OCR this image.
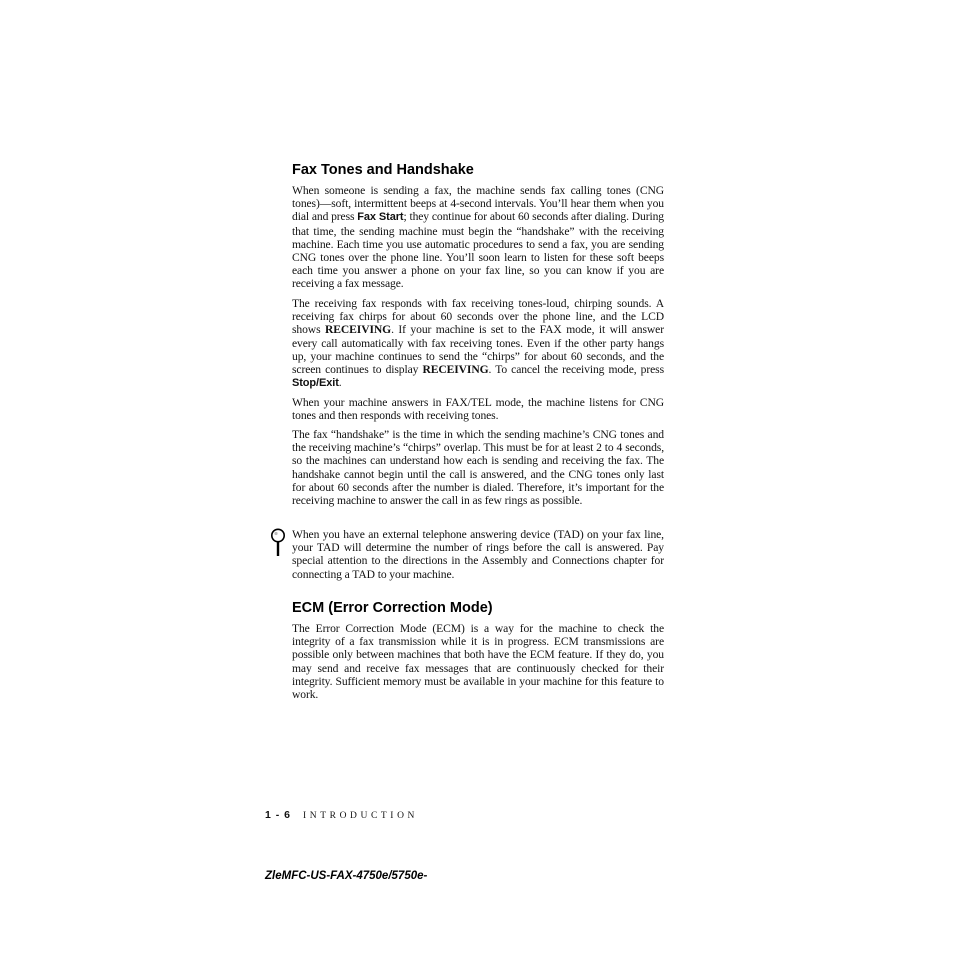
Fax Tones and Handshake

When someone is sending a fax, the machine sends fax calling tones (CNG tones)—soft, intermittent beeps at 4-second intervals. You’ll hear them when you dial and press Fax Start; they continue for about 60 seconds after dialing. During that time, the sending machine must begin the “handshake” with the receiving machine. Each time you use automatic procedures to send a fax, you are sending CNG tones over the phone line. You’ll soon learn to listen for these soft beeps each time you answer a phone on your fax line, so you can know if you are receiving a fax message.

The receiving fax responds with fax receiving tones-loud, chirping sounds. A receiving fax chirps for about 60 seconds over the phone line, and the LCD shows RECEIVING. If your machine is set to the FAX mode, it will answer every call automatically with fax receiving tones. Even if the other party hangs up, your machine continues to send the “chirps” for about 60 seconds, and the screen continues to display RECEIVING. To cancel the receiving mode, press Stop/Exit.

When your machine answers in FAX/TEL mode, the machine listens for CNG tones and then responds with receiving tones.

The fax “handshake” is the time in which the sending machine’s CNG tones and the receiving machine’s “chirps” overlap. This must be for at least 2 to 4 seconds, so the machines can understand how each is sending and receiving the fax. The handshake cannot begin until the call is answered, and the CNG tones only last for about 60 seconds after the number is dialed. Therefore, it’s important for the receiving machine to answer the call in as few rings as possible.

When you have an external telephone answering device (TAD) on your fax line, your TAD will determine the number of rings before the call is answered. Pay special attention to the directions in the Assembly and Connections chapter for connecting a TAD to your machine.

ECM (Error Correction Mode)

The Error Correction Mode (ECM) is a way for the machine to check the integrity of a fax transmission while it is in progress. ECM transmissions are possible only between machines that both have the ECM feature. If they do, you may send and receive fax messages that are continuously checked for their integrity. Sufficient memory must be available in your machine for this feature to work.

1 - 6 INTRODUCTION
ZlеMFC-US-FAX-4750e/5750e-
